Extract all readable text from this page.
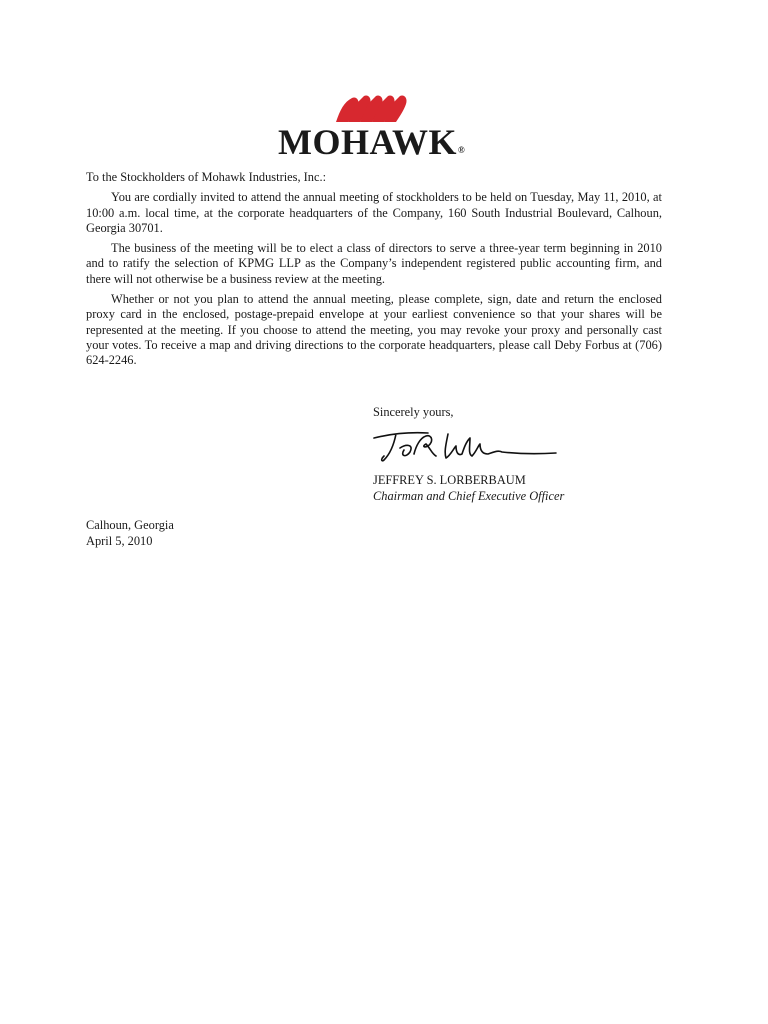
MOHAWK®

To the Stockholders of Mohawk Industries, Inc.:

You are cordially invited to attend the annual meeting of stockholders to be held on Tuesday, May 11, 2010, at 10:00 a.m. local time, at the corporate headquarters of the Company, 160 South Industrial Boulevard, Calhoun, Georgia 30701.

The business of the meeting will be to elect a class of directors to serve a three-year term beginning in 2010 and to ratify the selection of KPMG LLP as the Company’s independent registered public accounting firm, and there will not otherwise be a business review at the meeting.

Whether or not you plan to attend the annual meeting, please complete, sign, date and return the enclosed proxy card in the enclosed, postage-prepaid envelope at your earliest convenience so that your shares will be represented at the meeting. If you choose to attend the meeting, you may revoke your proxy and personally cast your votes. To receive a map and driving directions to the corporate headquarters, please call Deby Forbus at (706) 624-2246.

Sincerely yours,
JEFFREY S. LORBERBAUM
Chairman and Chief Executive Officer
Calhoun, Georgia
April 5, 2010
